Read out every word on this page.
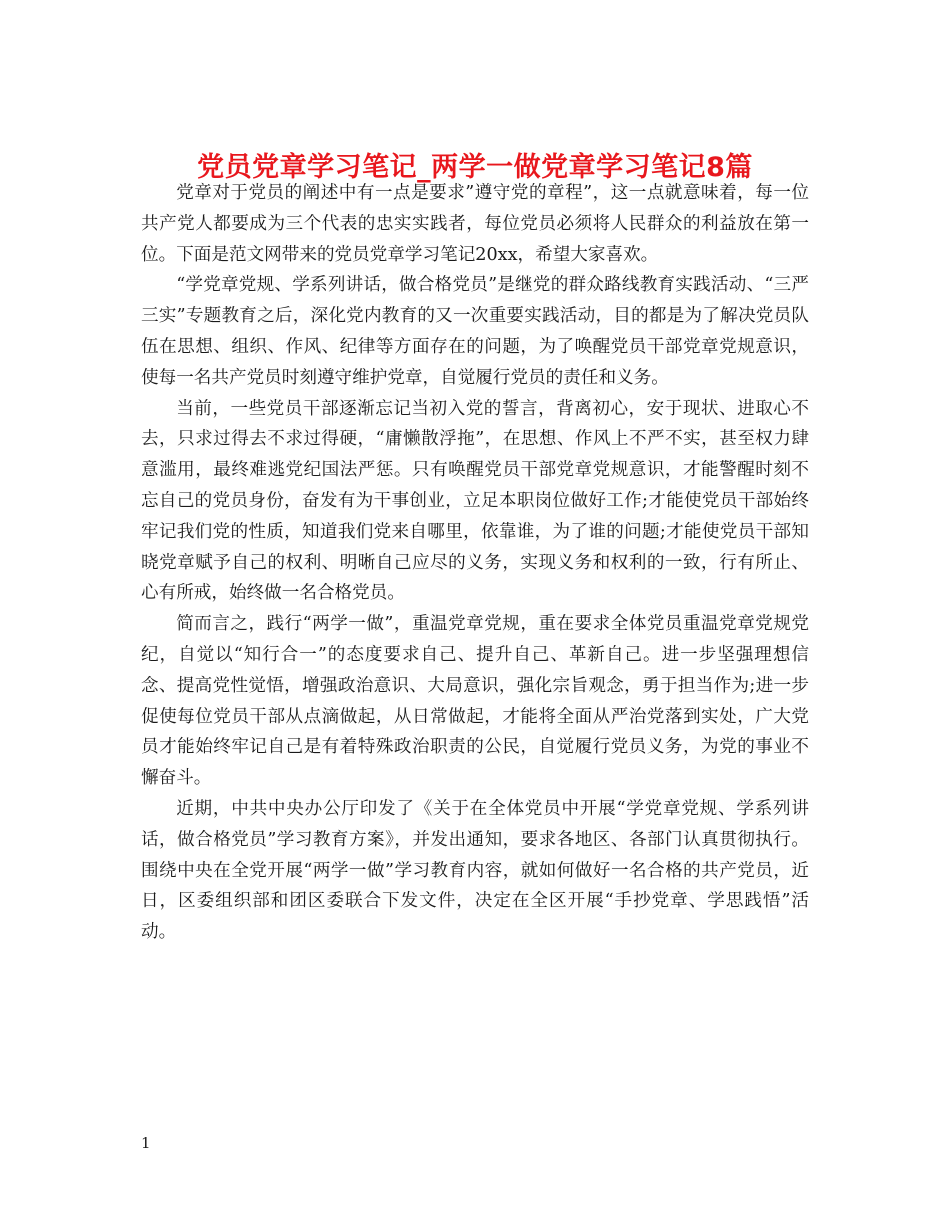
党员党章学习笔记_两学一做党章学习笔记8篇

党章对于党员的阐述中有一点是要求”遵守党的章程”，这一点就意味着，每一位共产党人都要成为三个代表的忠实实践者，每位党员必须将人民群众的利益放在第一位。下面是范文网带来的党员党章学习笔记20xx，希望大家喜欢。

“学党章党规、学系列讲话，做合格党员”是继党的群众路线教育实践活动、“三严三实”专题教育之后，深化党内教育的又一次重要实践活动，目的都是为了解决党员队伍在思想、组织、作风、纪律等方面存在的问题，为了唤醒党员干部党章党规意识，使每一名共产党员时刻遵守维护党章，自觉履行党员的责任和义务。

当前，一些党员干部逐渐忘记当初入党的誓言，背离初心，安于现状、进取心不去，只求过得去不求过得硬，“庸懒散浮拖”，在思想、作风上不严不实，甚至权力肆意滥用，最终难逃党纪国法严惩。只有唤醒党员干部党章党规意识，才能警醒时刻不忘自己的党员身份，奋发有为干事创业，立足本职岗位做好工作;才能使党员干部始终牢记我们党的性质，知道我们党来自哪里，依靠谁，为了谁的问题;才能使党员干部知晓党章赋予自己的权利、明晰自己应尽的义务，实现义务和权利的一致，行有所止、心有所戒，始终做一名合格党员。

简而言之，践行“两学一做”，重温党章党规，重在要求全体党员重温党章党规党纪，自觉以“知行合一”的态度要求自己、提升自己、革新自己。进一步坚强理想信念、提高党性觉悟，增强政治意识、大局意识，强化宗旨观念，勇于担当作为;进一步促使每位党员干部从点滴做起，从日常做起，才能将全面从严治党落到实处，广大党员才能始终牢记自己是有着特殊政治职责的公民，自觉履行党员义务，为党的事业不懈奋斗。

近期，中共中央办公厅印发了《关于在全体党员中开展“学党章党规、学系列讲话，做合格党员”学习教育方案》，并发出通知，要求各地区、各部门认真贯彻执行。围绕中央在全党开展“两学一做”学习教育内容，就如何做好一名合格的共产党员，近日，区委组织部和团区委联合下发文件，决定在全区开展“手抄党章、学思践悟”活动。

1
